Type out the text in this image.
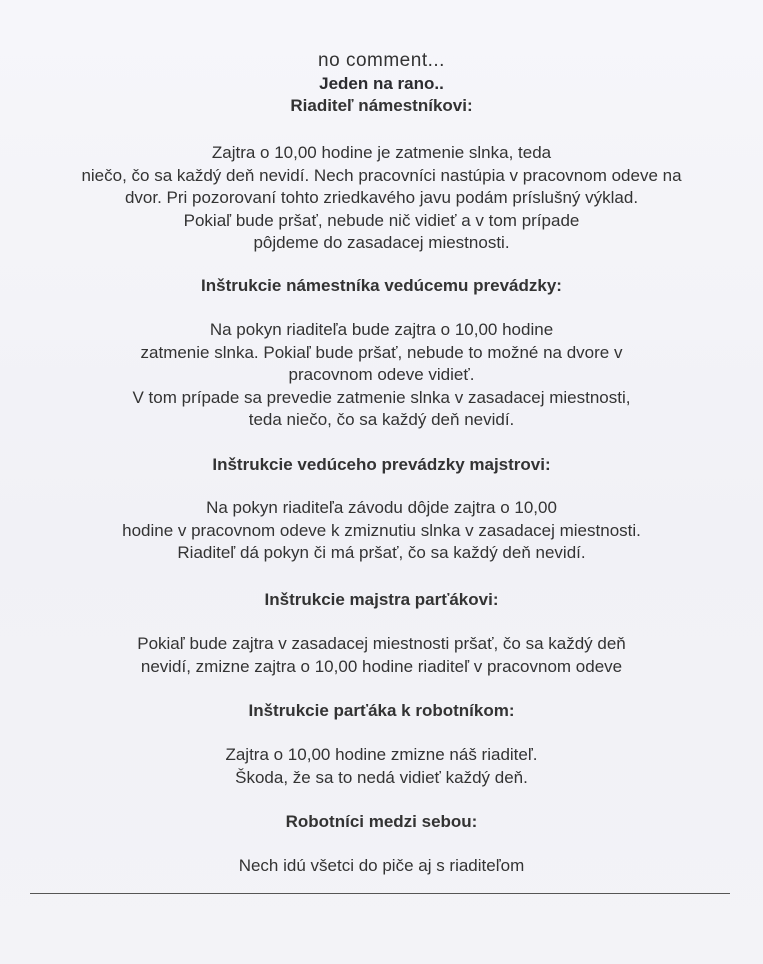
no comment...
Jeden na rano..
Riaditeľ námestníkovi:
Zajtra o 10,00 hodine je zatmenie slnka, teda
niečo, čo sa každý deň nevidí. Nech pracovníci nastúpia v pracovnom odeve na
dvor. Pri pozorovaní tohto zriedkavého javu podám príslušný výklad.
Pokiaľ bude pršať, nebude nič vidieť a v tom prípade
pôjdeme do zasadacej miestnosti.
Inštrukcie námestníka vedúcemu prevádzky:
Na pokyn riaditeľa bude zajtra o 10,00 hodine
zatmenie slnka. Pokiaľ bude pršať, nebude to možné na dvore v
pracovnom odeve vidieť.
V tom prípade sa prevedie zatmenie slnka v zasadacej miestnosti,
teda niečo, čo sa každý deň nevidí.
Inštrukcie vedúceho prevádzky majstrovi:
Na pokyn riaditeľa závodu dôjde zajtra o 10,00
hodine v pracovnom odeve k zmiznutiu slnka v zasadacej miestnosti.
Riaditeľ dá pokyn či má pršať, čo sa každý deň nevidí.
Inštrukcie majstra parťákovi:
Pokiaľ bude zajtra v zasadacej miestnosti pršať, čo sa každý deň
nevidí, zmizne zajtra o 10,00 hodine riaditeľ v pracovnom odeve
Inštrukcie parťáka k robotníkom:
Zajtra o 10,00 hodine zmizne náš riaditeľ.
Škoda, že sa to nedá vidieť každý deň.
Robotníci medzi sebou:
Nech idú všetci do piče aj s riaditeľom
